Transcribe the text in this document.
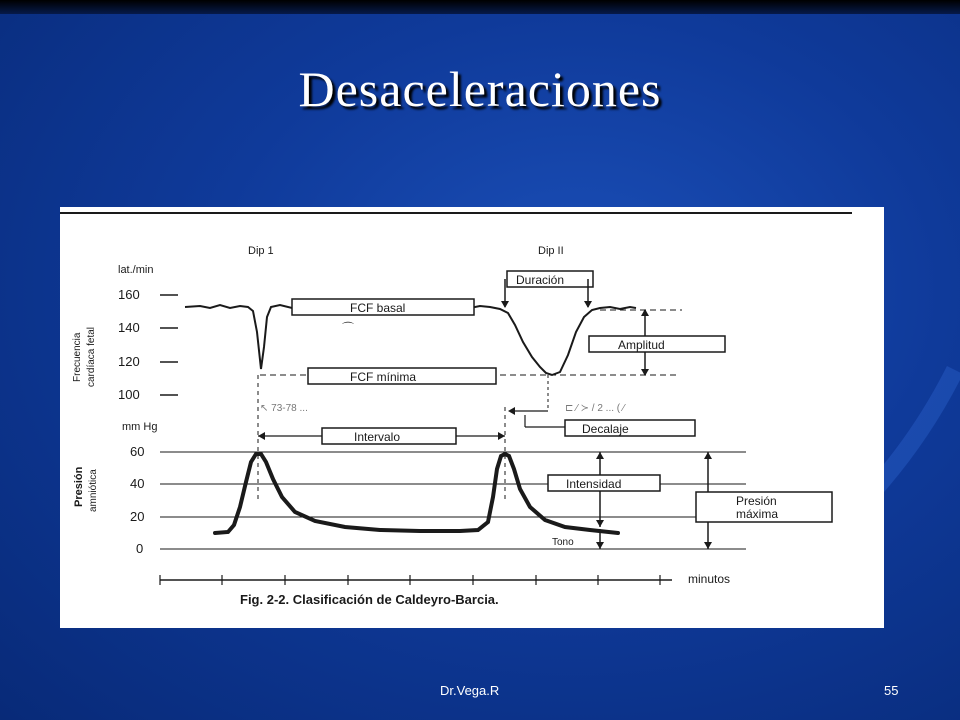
Desaceleraciones
Dip 1	Dip II
lat./min
160
140
120
100
Frecuencia cardíaca fetal
FCF basal
⌒
Duración
FCF mínima
Amplitud
↖ 73-78 ...	⊏ ⁄ ≻ / 2 ... ( ⁄
Decalaje
mm Hg
60
40
20
0
Presión amniótica
Intervalo
Intensidad
Tono
Presión
máxima
minutos
Fig. 2-2. Clasificación de Caldeyro-Barcia.
Dr.Vega.R	55
